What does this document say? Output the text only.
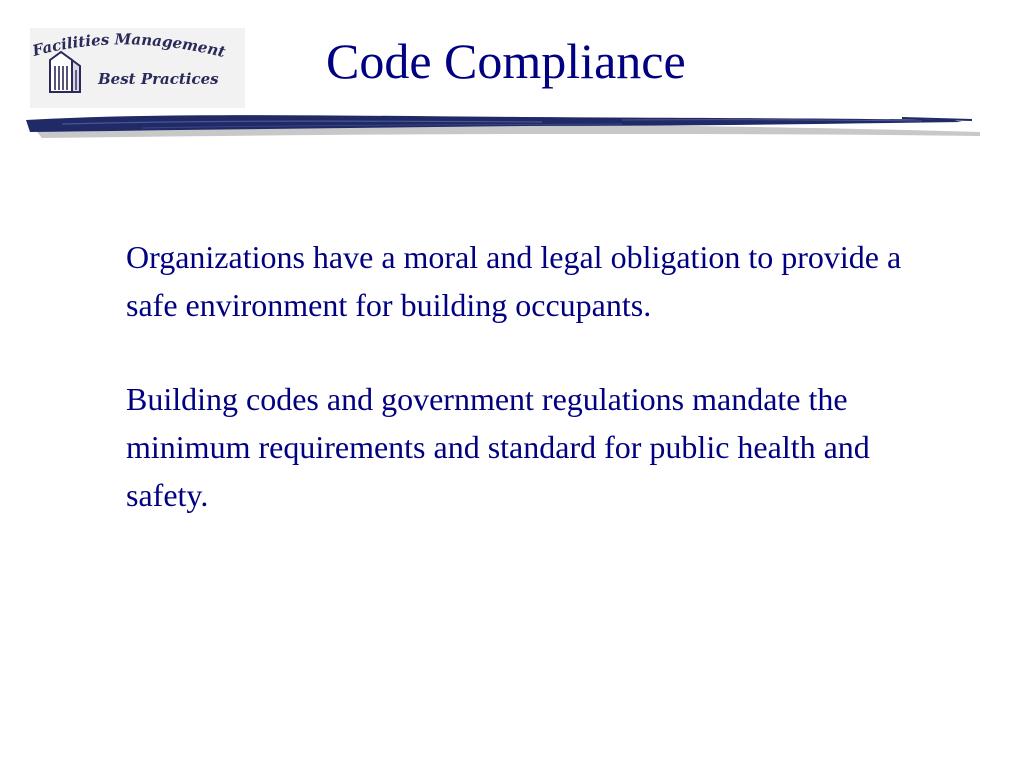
Facilities Management
Best Practices Code Compliance

Organizations have a moral and legal obligation to provide a safe environment for building occupants.

Building codes and government regulations mandate the minimum requirements and standard for public health and safety.
